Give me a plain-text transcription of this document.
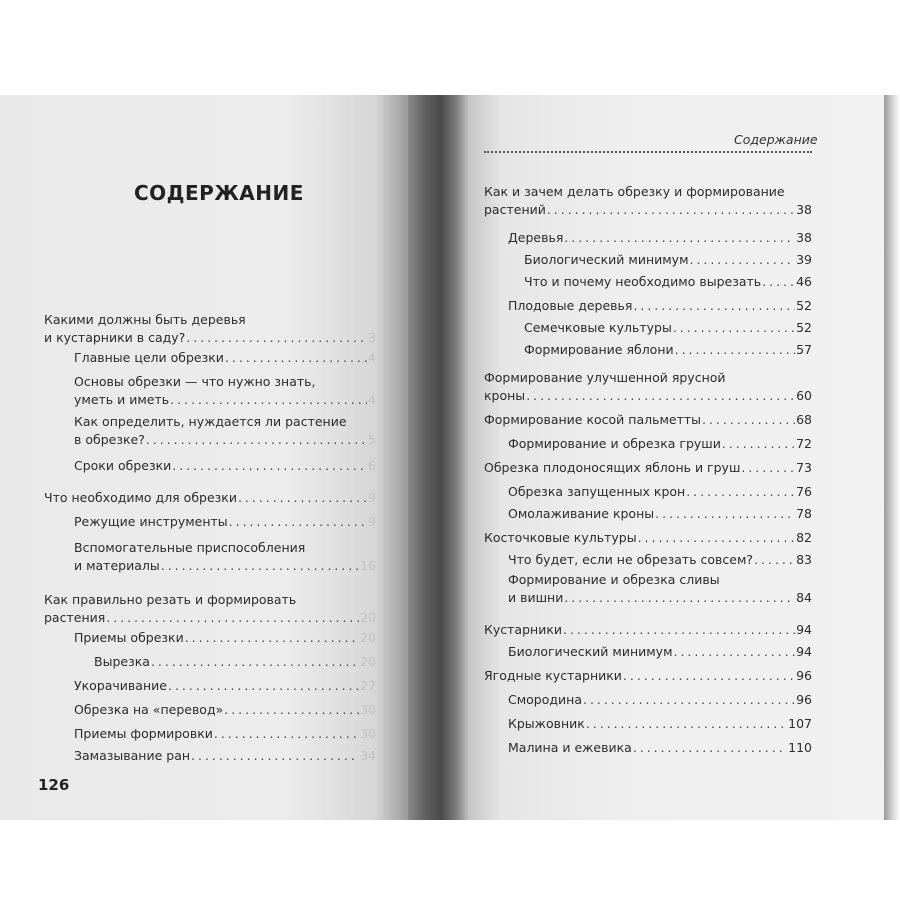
СОДЕРЖАНИЕ
126
Какими должны быть деревья
и кустарники в саду? . . .	3
Главные цели обрезки . . .	4
Основы обрезки — что нужно знать,
уметь и иметь . . .	4
Как определить, нуждается ли растение
в обрезке? . . .	5
Сроки обрезки . . .	6
Что необходимо для обрезки . . .	9
Режущие инструменты . . .	9
Вспомогательные приспособления
и материалы . . .	16
Как правильно резать и формировать
растения . . .	20
Приемы обрезки . . .	20
Вырезка . . .	20
Укорачивание . . .	27
Обрезка на «перевод» . . .	30
Приемы формировки . . .	30
Замазывание ран . . .	34
Содержание
Как и зачем делать обрезку и формирование
растений . . .	38
Деревья . . .	38
Биологический минимум . . .	39
Что и почему необходимо вырезать . . .	46
Плодовые деревья . . .	52
Семечковые культуры . . .	52
Формирование яблони . . .	57
Формирование улучшенной ярусной
кроны . . .	60
Формирование косой пальметты . . .	68
Формирование и обрезка груши . . .	72
Обрезка плодоносящих яблонь и груш . . .	73
Обрезка запущенных крон . . .	76
Омолаживание кроны . . .	78
Косточковые культуры . . .	82
Что будет, если не обрезать совсем? . . .	83
Формирование и обрезка сливы
и вишни . . .	84
Кустарники . . .	94
Биологический минимум . . .	94
Ягодные кустарники . . .	96
Смородина . . .	96
Крыжовник . . .	107
Малина и ежевика . . .	110
